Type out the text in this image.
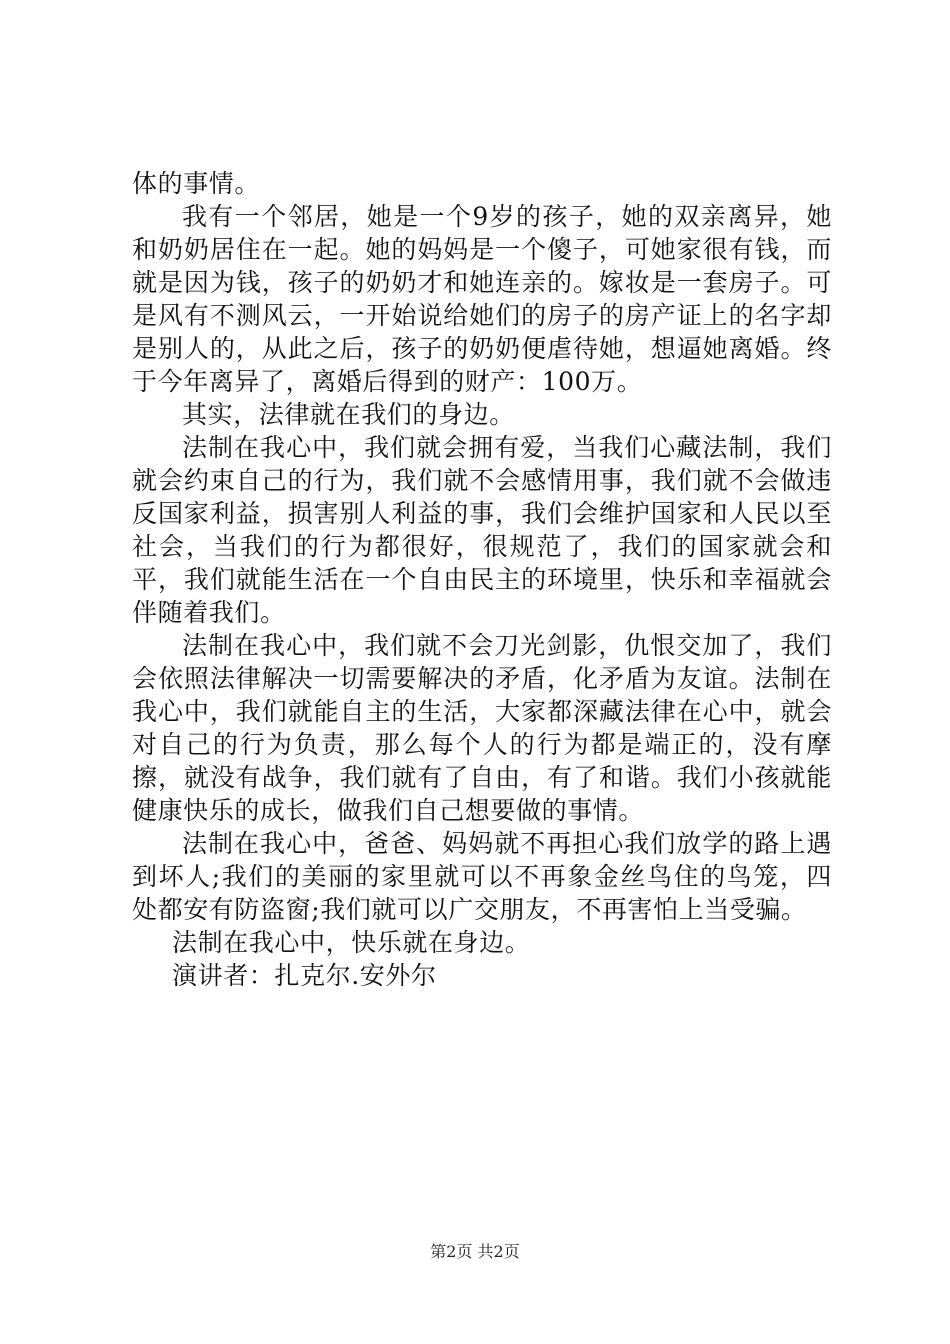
体的事情。

我有一个邻居，她是一个9岁的孩子，她的双亲离异，她和奶奶居住在一起。她的妈妈是一个傻子，可她家很有钱，而就是因为钱，孩子的奶奶才和她连亲的。嫁妆是一套房子。可是风有不测风云，一开始说给她们的房子的房产证上的名字却是别人的，从此之后，孩子的奶奶便虐待她，想逼她离婚。终于今年离异了，离婚后得到的财产：100万。

其实，法律就在我们的身边。

法制在我心中，我们就会拥有爱，当我们心藏法制，我们就会约束自己的行为，我们就不会感情用事，我们就不会做违反国家利益，损害别人利益的事，我们会维护国家和人民以至社会，当我们的行为都很好，很规范了，我们的国家就会和平，我们就能生活在一个自由民主的环境里，快乐和幸福就会伴随着我们。

法制在我心中，我们就不会刀光剑影，仇恨交加了，我们会依照法律解决一切需要解决的矛盾，化矛盾为友谊。法制在我心中，我们就能自主的生活，大家都深藏法律在心中，就会对自己的行为负责，那么每个人的行为都是端正的，没有摩擦，就没有战争，我们就有了自由，有了和谐。我们小孩就能健康快乐的成长，做我们自己想要做的事情。

法制在我心中，爸爸、妈妈就不再担心我们放学的路上遇到坏人;我们的美丽的家里就可以不再象金丝鸟住的鸟笼，四处都安有防盗窗;我们就可以广交朋友，不再害怕上当受骗。

法制在我心中，快乐就在身边。

演讲者：扎克尔.安外尔

第2页 共2页
